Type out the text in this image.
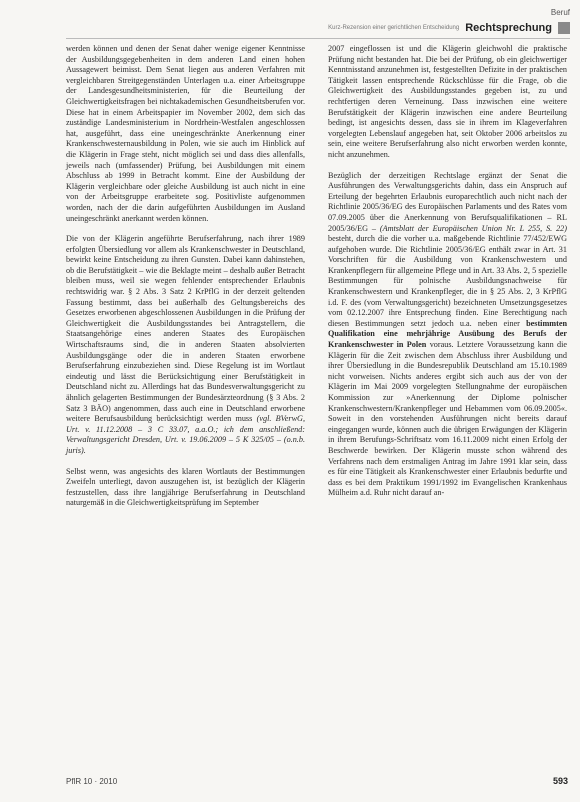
Beruf
Kurz-Rezension einer gerichtlichen Entscheidung Rechtsprechung

werden können und denen der Senat daher wenige eigener Kenntnisse der Ausbildungsgegebenheiten in dem anderen Land einen hohen Aussagewert beimisst. Dem Senat liegen aus anderen Verfahren mit vergleichbaren Streitgegenständen Unterlagen u.a. einer Arbeitsgruppe der Landesgesundheitsministerien, für die Beurteilung der Gleichwertigkeitsfragen bei nichtakademischen Gesundheitsberufen vor. Diese hat in einem Arbeitspapier im November 2002, dem sich das zuständige Landesministerium in Nordrhein-Westfalen angeschlossen hat, ausgeführt, dass eine uneingeschränkte Anerkennung einer Krankenschwesternausbildung in Polen, wie sie auch im Hinblick auf die Klägerin in Frage steht, nicht möglich sei und dass dies allenfalls, jeweils nach (umfassender) Prüfung, bei Ausbildungen mit einem Abschluss ab 1999 in Betracht kommt. Eine der Ausbildung der Klägerin vergleichbare oder gleiche Ausbildung ist auch nicht in eine von der Arbeitsgruppe erarbeitete sog. Positivliste aufgenommen worden, nach der die darin aufgeführten Ausbildungen im Ausland uneingeschränkt anerkannt werden können.

Die von der Klägerin angeführte Berufserfahrung, nach ihrer 1989 erfolgten Übersiedlung vor allem als Krankenschwester in Deutschland, bewirkt keine Entscheidung zu ihren Gunsten. Dabei kann dahinstehen, ob die Berufstätigkeit – wie die Beklagte meint – deshalb außer Betracht bleiben muss, weil sie wegen fehlender entsprechender Erlaubnis rechtswidrig war. § 2 Abs. 3 Satz 2 KrPflG in der derzeit geltenden Fassung bestimmt, dass bei außerhalb des Geltungsbereichs des Gesetzes erworbenen abgeschlossenen Ausbildungen in die Prüfung der Gleichwertigkeit die Ausbildungsstandes bei Antragstellern, die Staatsangehörige eines anderen Staates des Europäischen Wirtschaftsraums sind, die in anderen Staaten absolvierten Ausbildungsgänge oder die in anderen Staaten erworbene Berufserfahrung einzubeziehen sind. Diese Regelung ist im Wortlaut eindeutig und lässt die Berücksichtigung einer Berufstätigkeit in Deutschland nicht zu. Allerdings hat das Bundesverwaltungsgericht zu ähnlich gelagerten Bestimmungen der Bundesärzteordnung (§ 3 Abs. 2 Satz 3 BÄO) angenommen, dass auch eine in Deutschland erworbene weitere Berufsausbildung berücksichtigt werden muss (vgl. BVerwG, Urt. v. 11.12.2008 – 3 C 33.07, a.a.O.; ich dem anschließend: Verwaltungsgericht Dresden, Urt. v. 19.06.2009 – 5 K 325/05 – (o.n.b. juris).

Selbst wenn, was angesichts des klaren Wortlauts der Bestimmungen Zweifeln unterliegt, davon auszugehen ist, ist bezüglich der Klägerin festzustellen, dass ihre langjährige Berufserfahrung in Deutschland naturgemäß in die Gleichwertigkeitsprüfung im September

2007 eingeflossen ist und die Klägerin gleichwohl die praktische Prüfung nicht bestanden hat. Die bei der Prüfung, ob ein gleichwertiger Kenntnisstand anzunehmen ist, festgestellten Defizite in der praktischen Tätigkeit lassen entsprechende Rückschlüsse für die Frage, ob die Gleichwertigkeit des Ausbildungsstandes gegeben ist, zu und rechtfertigen deren Verneinung. Dass inzwischen eine weitere Berufstätigkeit der Klägerin inzwischen eine andere Beurteilung bedingt, ist angesichts dessen, dass sie in ihrem im Klageverfahren vorgelegten Lebenslauf angegeben hat, seit Oktober 2006 arbeitslos zu sein, eine weitere Berufserfahrung also nicht erworben werden konnte, nicht anzunehmen.

Bezüglich der derzeitigen Rechtslage ergänzt der Senat die Ausführungen des Verwaltungsgerichts dahin, dass ein Anspruch auf Erteilung der begehrten Erlaubnis europarechtlich auch nicht nach der Richtlinie 2005/36/EG des Europäischen Parlaments und des Rates vom 07.09.2005 über die Anerkennung von Berufsqualifikationen – RL 2005/36/EG – (Amtsblatt der Europäischen Union Nr. L 255, S. 22) besteht, durch die die vorher u.a. maßgebende Richtlinie 77/452/EWG aufgehoben wurde. Die Richtlinie 2005/36/EG enthält zwar in Art. 31 Vorschriften für die Ausbildung von Krankenschwestern und Krankenpflegern für allgemeine Pflege und in Art. 33 Abs. 2, 5 spezielle Bestimmungen für polnische Ausbildungsnachweise für Krankenschwestern und Krankenpfleger, die in § 25 Abs. 2, 3 KrPflG i.d. F. des (vom Verwaltungsgericht) bezeichneten Umsetzungsgesetzes vom 02.12.2007 ihre Entsprechung finden. Eine Berechtigung nach diesen Bestimmungen setzt jedoch u.a. neben einer bestimmten Qualifikation eine mehrjährige Ausübung des Berufs der Krankenschwester in Polen voraus. Letztere Voraussetzung kann die Klägerin für die Zeit zwischen dem Abschluss ihrer Ausbildung und ihrer Übersiedlung in die Bundesrepublik Deutschland am 15.10.1989 nicht vorweisen. Nichts anderes ergibt sich auch aus der von der Klägerin im Mai 2009 vorgelegten Stellungnahme der europäischen Kommission zur »Anerkennung der Diplome polnischer Krankenschwestern/Krankenpfleger und Hebammen vom 06.09.2005«. Soweit in den vorstehenden Ausführungen nicht bereits darauf eingegangen wurde, können auch die übrigen Erwägungen der Klägerin in ihrem Berufungs-Schriftsatz vom 16.11.2009 nicht einen Erfolg der Beschwerde bewirken. Der Klägerin musste schon während des Verfahrens nach dem erstmaligen Antrag im Jahre 1991 klar sein, dass es für eine Tätigkeit als Krankenschwester einer Erlaubnis bedurfte und dass es bei dem Praktikum 1991/1992 im Evangelischen Krankenhaus Mülheim a.d. Ruhr nicht darauf an-

PflR 10 · 2010	593
